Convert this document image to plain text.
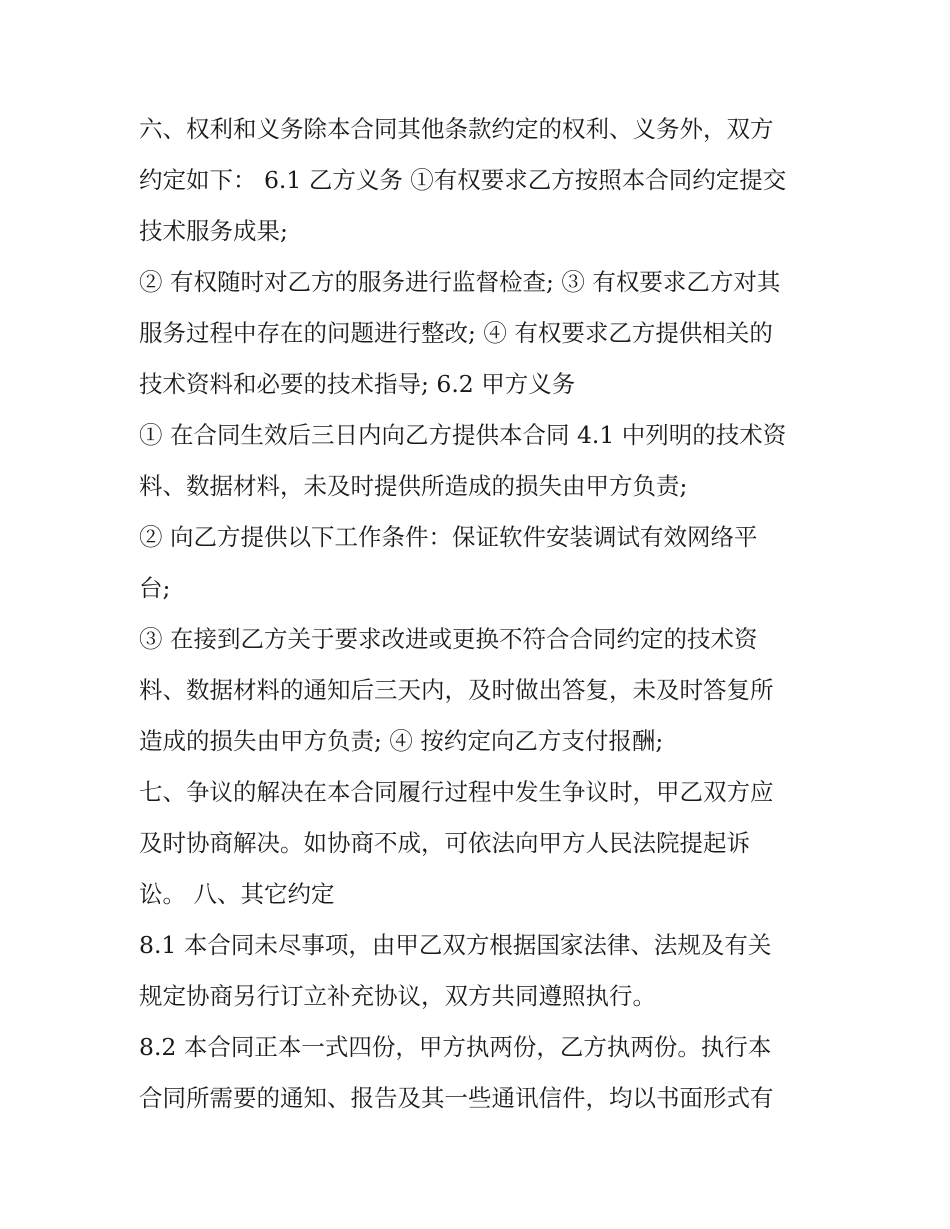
六、权利和义务除本合同其他条款约定的权利、义务外，双方
约定如下： 6.1 乙方义务 ①有权要求乙方按照本合同约定提交
技术服务成果;
② 有权随时对乙方的服务进行监督检查; ③ 有权要求乙方对其
服务过程中存在的问题进行整改; ④ 有权要求乙方提供相关的
技术资料和必要的技术指导; 6.2 甲方义务
① 在合同生效后三日内向乙方提供本合同 4.1 中列明的技术资
料、数据材料，未及时提供所造成的损失由甲方负责;
② 向乙方提供以下工作条件：保证软件安装调试有效网络平
台;
③ 在接到乙方关于要求改进或更换不符合合同约定的技术资
料、数据材料的通知后三天内，及时做出答复，未及时答复所
造成的损失由甲方负责; ④ 按约定向乙方支付报酬;
七、争议的解决在本合同履行过程中发生争议时，甲乙双方应
及时协商解决。如协商不成，可依法向甲方人民法院提起诉
讼。 八、其它约定
8.1 本合同未尽事项，由甲乙双方根据国家法律、法规及有关
规定协商另行订立补充协议，双方共同遵照执行。
8.2 本合同正本一式四份，甲方执两份，乙方执两份。执行本
合同所需要的通知、报告及其一些通讯信件，均以书面形式有
